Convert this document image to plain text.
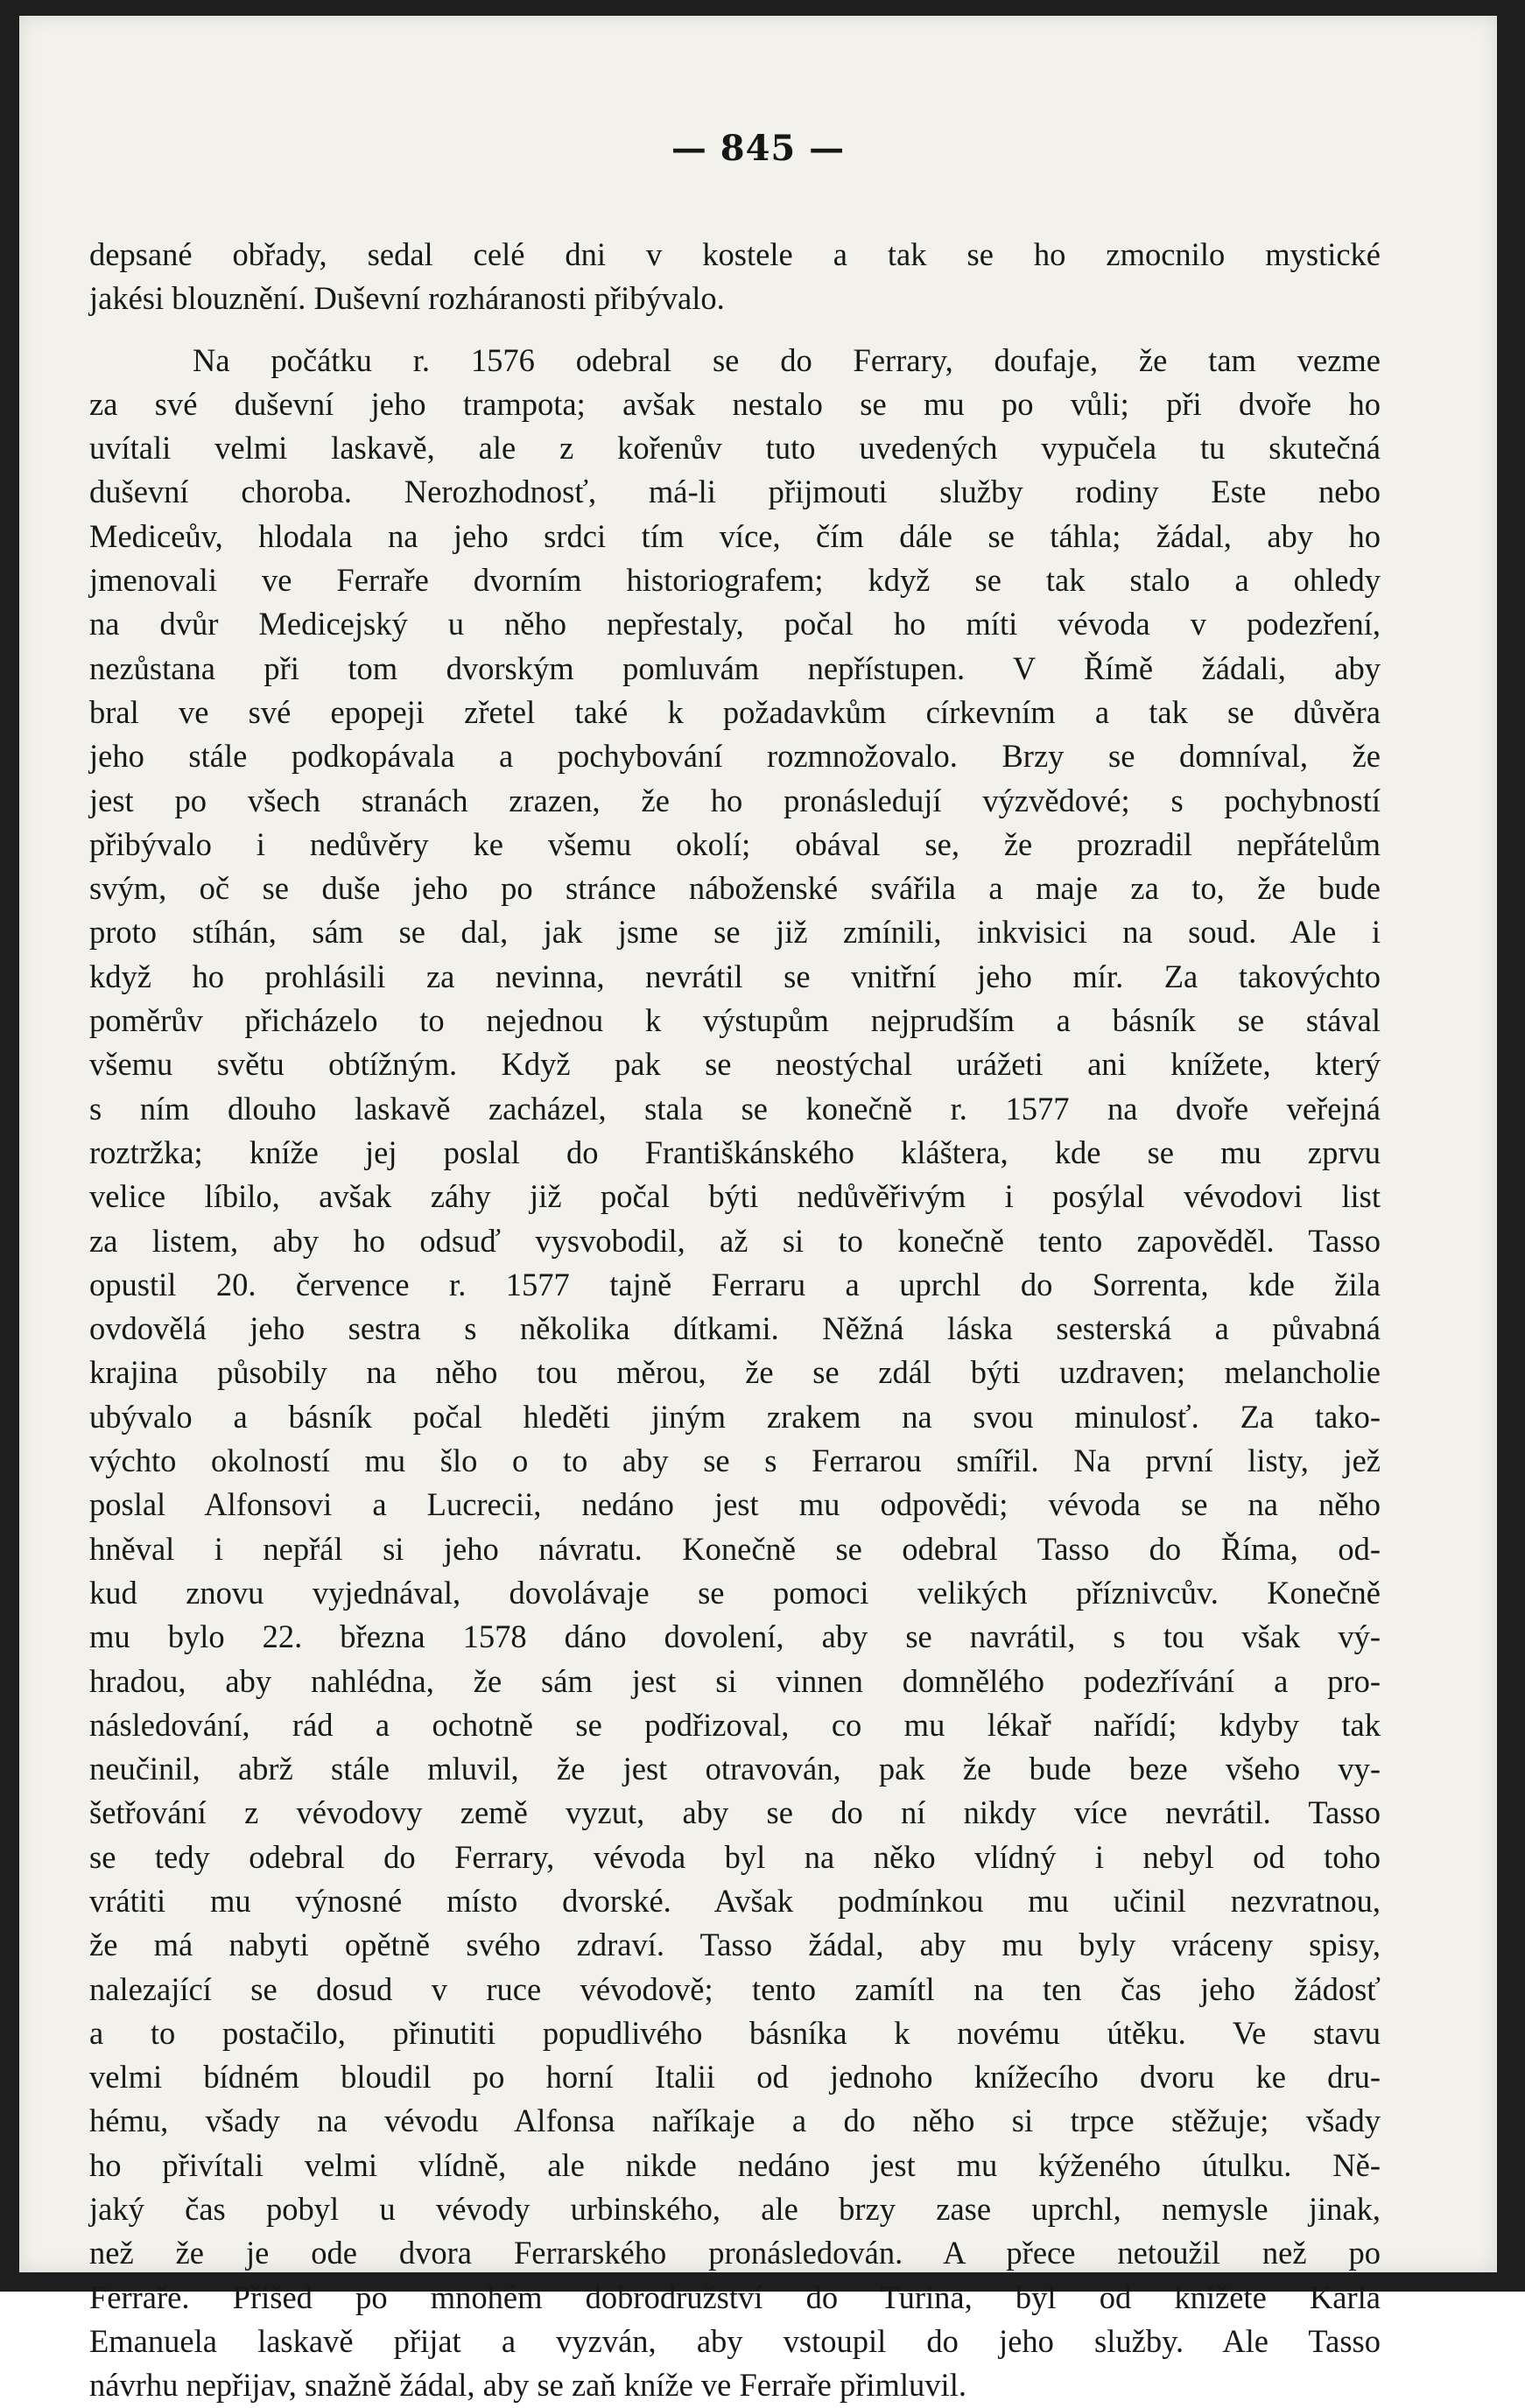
— 845 —
depsané obřady, sedal celé dni v kostele a tak se ho zmocnilo mystické
jakési blouznění. Duševní rozháranosti přibývalo.
Na počátku r. 1576 odebral se do Ferrary, doufaje, že tam vezme
za své duševní jeho trampota; avšak nestalo se mu po vůli; při dvoře ho
uvítali velmi laskavě, ale z kořenův tuto uvedených vypučela tu skutečná
duševní choroba. Nerozhodnosť, má-li přijmouti služby rodiny Este nebo
Mediceův, hlodala na jeho srdci tím více, čím dále se táhla; žádal, aby ho
jmenovali ve Ferraře dvorním historiografem; když se tak stalo a ohledy
na dvůr Medicejský u něho nepřestaly, počal ho míti vévoda v podezření,
nezůstana při tom dvorským pomluvám nepřístupen. V Římě žádali, aby
bral ve své epopeji zřetel také k požadavkům církevním a tak se důvěra
jeho stále podkopávala a pochybování rozmnožovalo. Brzy se domníval, že
jest po všech stranách zrazen, že ho pronásledují výzvědové; s pochybností
přibývalo i nedůvěry ke všemu okolí; obával se, že prozradil nepřátelům
svým, oč se duše jeho po stránce náboženské svářila a maje za to, že bude
proto stíhán, sám se dal, jak jsme se již zmínili, inkvisici na soud. Ale i
když ho prohlásili za nevinna, nevrátil se vnitřní jeho mír. Za takovýchto
poměrův přicházelo to nejednou k výstupům nejprudším a básník se stával
všemu světu obtížným. Když pak se neostýchal urážeti ani knížete, který
s ním dlouho laskavě zacházel, stala se konečně r. 1577 na dvoře veřejná
roztržka; kníže jej poslal do Františkánského kláštera, kde se mu zprvu
velice líbilo, avšak záhy již počal býti nedůvěřivým i posýlal vévodovi list
za listem, aby ho odsuď vysvobodil, až si to konečně tento zapověděl. Tasso
opustil 20. července r. 1577 tajně Ferraru a uprchl do Sorrenta, kde žila
ovdovělá jeho sestra s několika dítkami. Něžná láska sesterská a půvabná
krajina působily na něho tou měrou, že se zdál býti uzdraven; melancholie
ubývalo a básník počal hleděti jiným zrakem na svou minulosť. Za tako-
výchto okolností mu šlo o to aby se s Ferrarou smířil. Na první listy, jež
poslal Alfonsovi a Lucrecii, nedáno jest mu odpovědi; vévoda se na něho
hněval i nepřál si jeho návratu. Konečně se odebral Tasso do Říma, od-
kud znovu vyjednával, dovolávaje se pomoci velikých příznivcův. Konečně
mu bylo 22. března 1578 dáno dovolení, aby se navrátil, s tou však vý-
hradou, aby nahlédna, že sám jest si vinnen domnělého podezřívání a pro-
následování, rád a ochotně se podřizoval, co mu lékař nařídí; kdyby tak
neučinil, abrž stále mluvil, že jest otravován, pak že bude beze všeho vy-
šetřování z vévodovy země vyzut, aby se do ní nikdy více nevrátil. Tasso
se tedy odebral do Ferrary, vévoda byl na něko vlídný i nebyl od toho
vrátiti mu výnosné místo dvorské. Avšak podmínkou mu učinil nezvratnou,
že má nabyti opětně svého zdraví. Tasso žádal, aby mu byly vráceny spisy,
nalezající se dosud v ruce vévodově; tento zamítl na ten čas jeho žádosť
a to postačilo, přinutiti popudlivého básníka k novému útěku. Ve stavu
velmi bídném bloudil po horní Italii od jednoho knížecího dvoru ke dru-
hému, všady na vévodu Alfonsa naříkaje a do něho si trpce stěžuje; všady
ho přivítali velmi vlídně, ale nikde nedáno jest mu kýženého útulku. Ně-
jaký čas pobyl u vévody urbinského, ale brzy zase uprchl, nemysle jinak,
než že je ode dvora Ferrarského pronásledován. A přece netoužil než po
Ferraře. Přišed po mnohém dobrodružství do Turina, byl od knížete Karla
Emanuela laskavě přijat a vyzván, aby vstoupil do jeho služby. Ale Tasso
návrhu nepřijav, snažně žádal, aby se zaň kníže ve Ferraře přimluvil.
